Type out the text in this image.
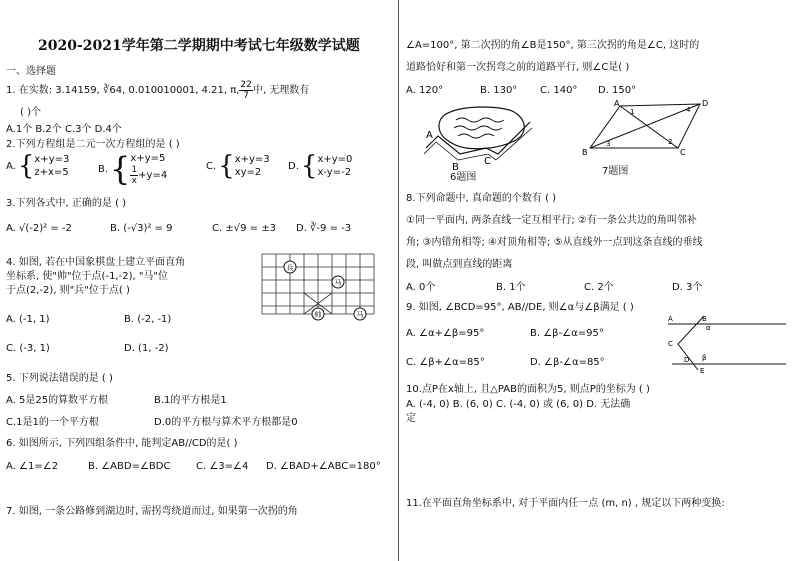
2020-2021学年第二学期期中考试七年级数学试题
一、选择题
1. 在实数: 3.14159, ∛64, 0.010010001, 4.21, π, $\frac{22}{7}$ 中, 无理数有
( )个
A.1个 B.2个 C.3个 D.4个
2.下列方程组是二元一次方程组的是 ( )
A. { x+y=3
z+x=5	B. { x+y=5
$\frac{1}{x} +y=4$
C. { x+y=3
xy=2
D. { x+y=0
x-y=-2
3.下列各式中, 正确的是 ( )
A. √(-2)² = -2	B. (-√3)² = 9	C. ±√9 = ±3 D. ∛-9 = -3
4. 如图, 若在中国象棋盘上建立平面直角
坐标系, 使"帅"位于点(-1,-2), "马"位
于点(2,-2), 则"兵"位于点( )
A. (-1, 1)	B. (-2, -1)
C. (-3, 1)	D. (1, -2)
兵
马
帅	马
5. 下列说法错误的是 ( )
A. 5是25的算数平方根	B.1的平方根是1
C.1是1的一个平方根	D.0的平方根与算术平方根都是0
6. 如图所示, 下列四组条件中, 能判定AB//CD的是( )
A. ∠1=∠2	B. ∠ABD=∠BDC	C. ∠3=∠4 D. ∠BAD+∠ABC=180°
7. 如图, 一条公路修到湖边时, 需拐弯绕道而过, 如果第一次拐的角
∠A=100°, 第二次拐的角∠B是150°, 第三次拐的角是∠C, 这时的
道路恰好和第一次拐弯之前的道路平行, 则∠C是( )
A. 120°	B. 130° C. 140° D. 150°
A
B
C
6题图
A	D
B	C
1	4
3	2
7题图
8.下列命题中, 真命题的个数有 ( )
①同一平面内, 两条直线一定互相平行; ②有一条公共边的角叫邻补
角; ③内错角相等; ④对顶角相等; ⑤从直线外一点到这条直线的垂线
段, 叫做点到直线的距离
A. 0个	B. 1个	C. 2个	D. 3个
9. 如图, ∠BCD=95°, AB//DE, 则∠α与∠β满足 ( )
A. ∠α+∠β=95°	B. ∠β-∠α=95°
C. ∠β+∠α=85°	D. ∠β-∠α=85°
A	B
C
D
E
α
β
10.点P在x轴上, 且△PAB的面积为5, 则点P的坐标为 ( )
A. (-4, 0) B. (6, 0) C. (-4, 0) 或 (6, 0) D. 无法确
定
11.在平面直角坐标系中, 对于平面内任一点 (m, n) , 规定以下两种变换:
